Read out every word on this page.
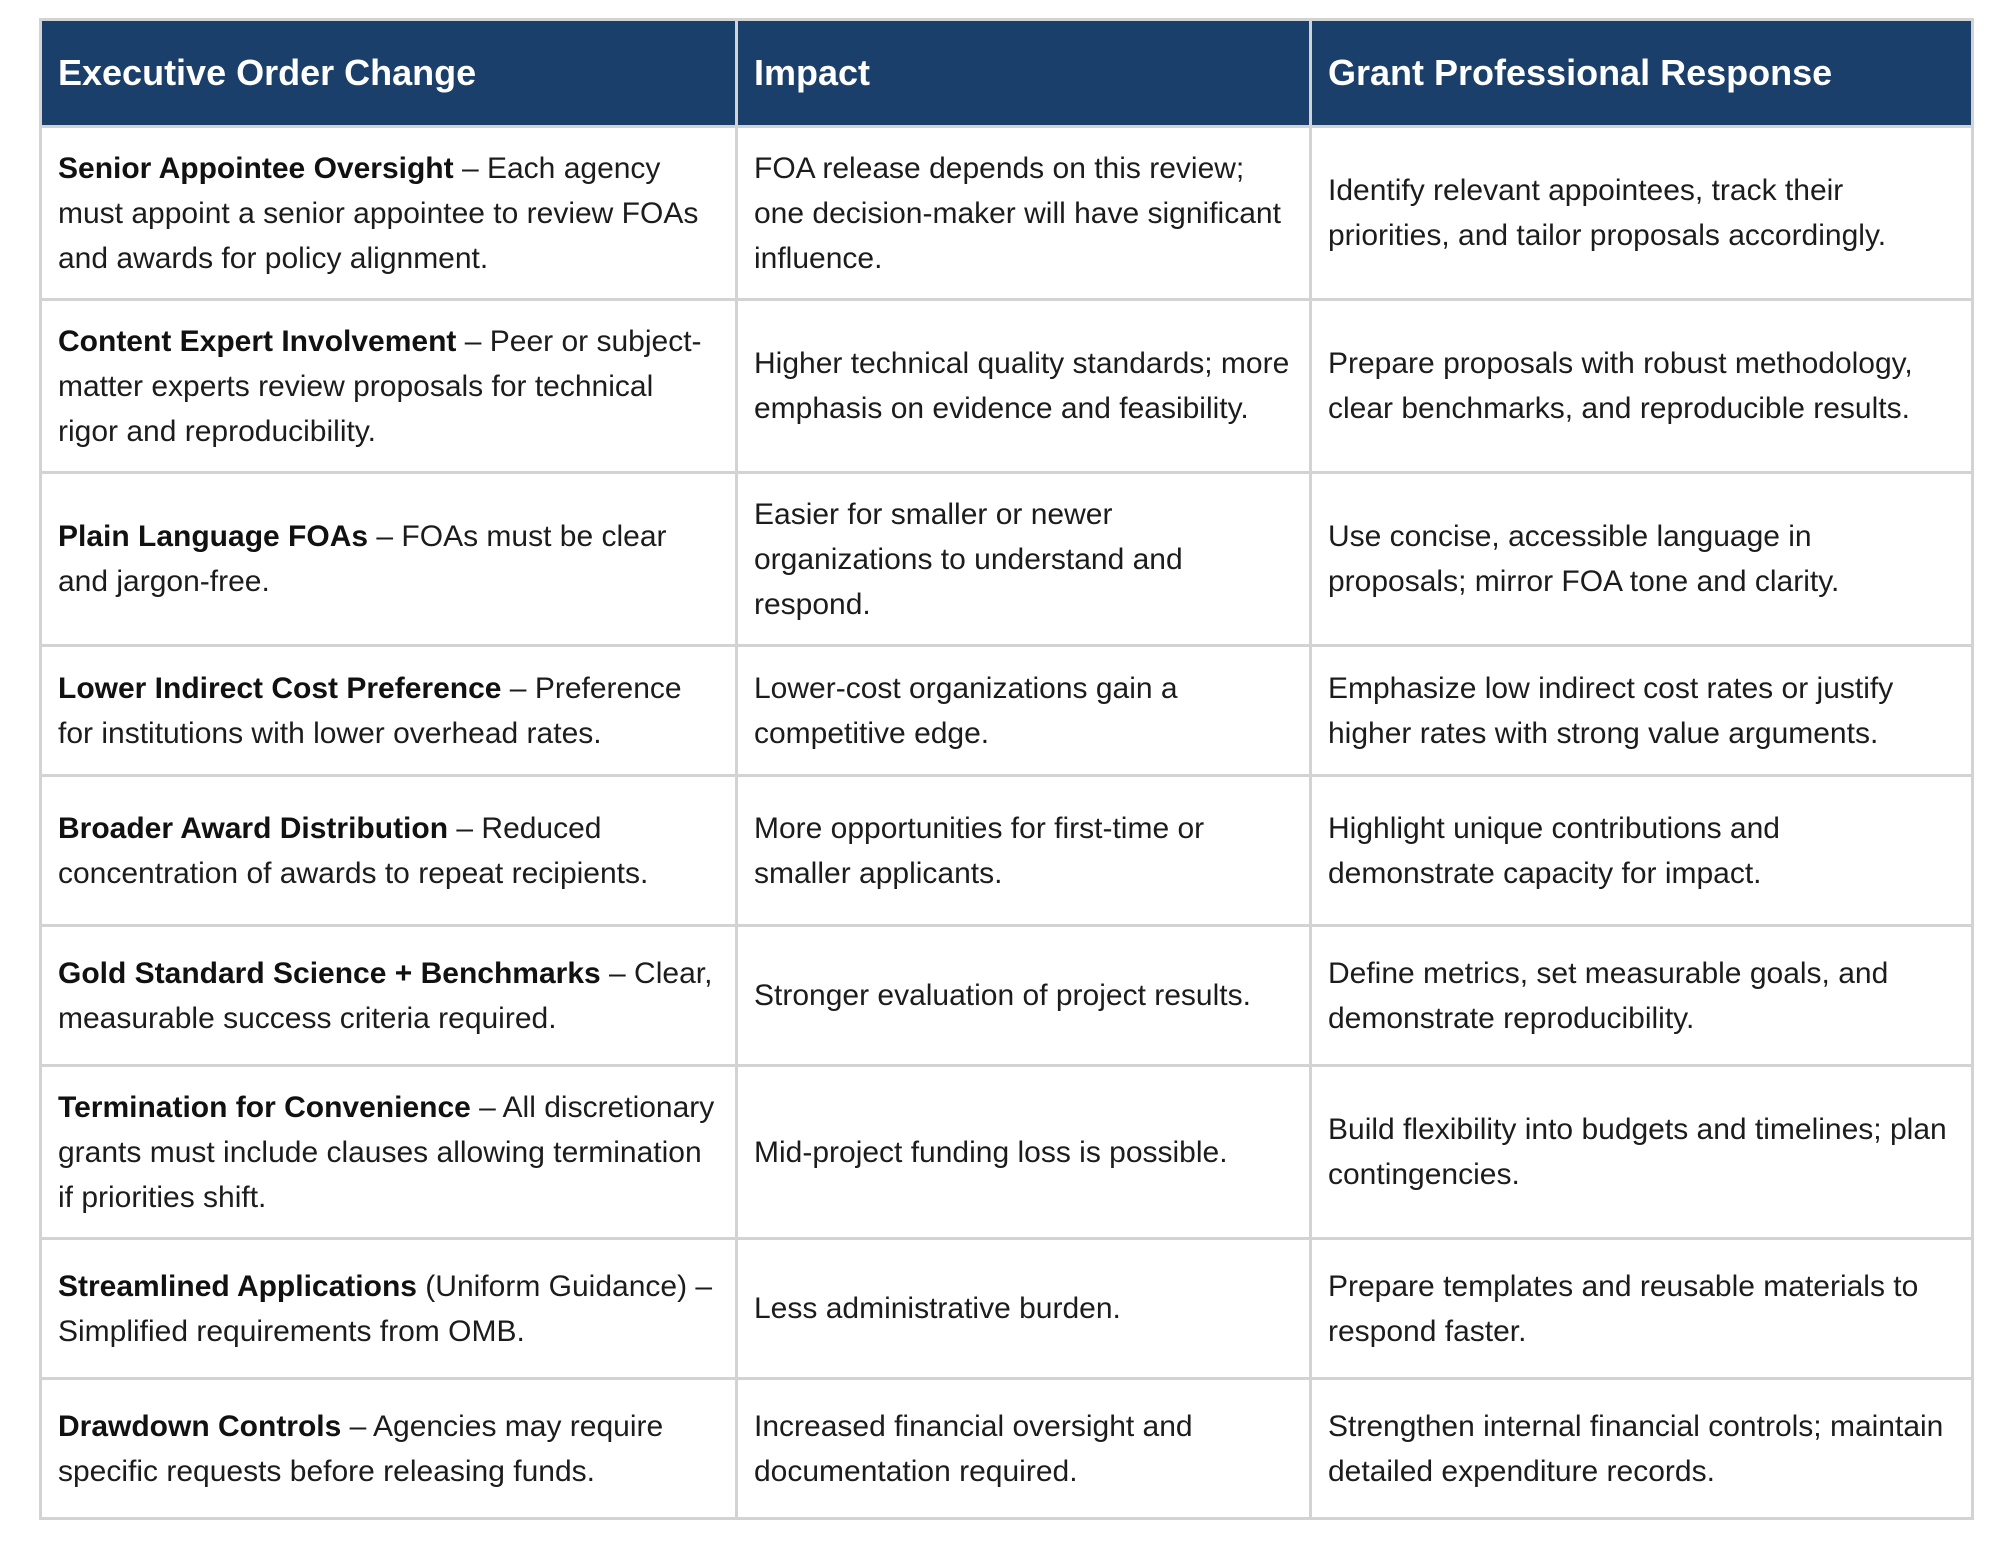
Executive Order Change	Impact	Grant Professional Response
Senior Appointee Oversight – Each agency must appoint a senior appointee to review FOAs and awards for policy alignment.	FOA release depends on this review; one decision-maker will have significant influence.	Identify relevant appointees, track their priorities, and tailor proposals accordingly.
Content Expert Involvement – Peer or subject-matter experts review proposals for technical rigor and reproducibility.	Higher technical quality standards; more emphasis on evidence and feasibility.	Prepare proposals with robust methodology, clear benchmarks, and reproducible results.
Plain Language FOAs – FOAs must be clear and jargon-free.	Easier for smaller or newer organizations to understand and respond.	Use concise, accessible language in proposals; mirror FOA tone and clarity.
Lower Indirect Cost Preference – Preference for institutions with lower overhead rates.	Lower-cost organizations gain a competitive edge.	Emphasize low indirect cost rates or justify higher rates with strong value arguments.
Broader Award Distribution – Reduced concentration of awards to repeat recipients.	More opportunities for first-time or smaller applicants.	Highlight unique contributions and demonstrate capacity for impact.
Gold Standard Science + Benchmarks – Clear, measurable success criteria required.	Stronger evaluation of project results.	Define metrics, set measurable goals, and demonstrate reproducibility.
Termination for Convenience – All discretionary grants must include clauses allowing termination if priorities shift.	Mid-project funding loss is possible.	Build flexibility into budgets and timelines; plan contingencies.
Streamlined Applications (Uniform Guidance) – Simplified requirements from OMB.	Less administrative burden.	Prepare templates and reusable materials to respond faster.
Drawdown Controls – Agencies may require specific requests before releasing funds.	Increased financial oversight and documentation required.	Strengthen internal financial controls; maintain detailed expenditure records.
